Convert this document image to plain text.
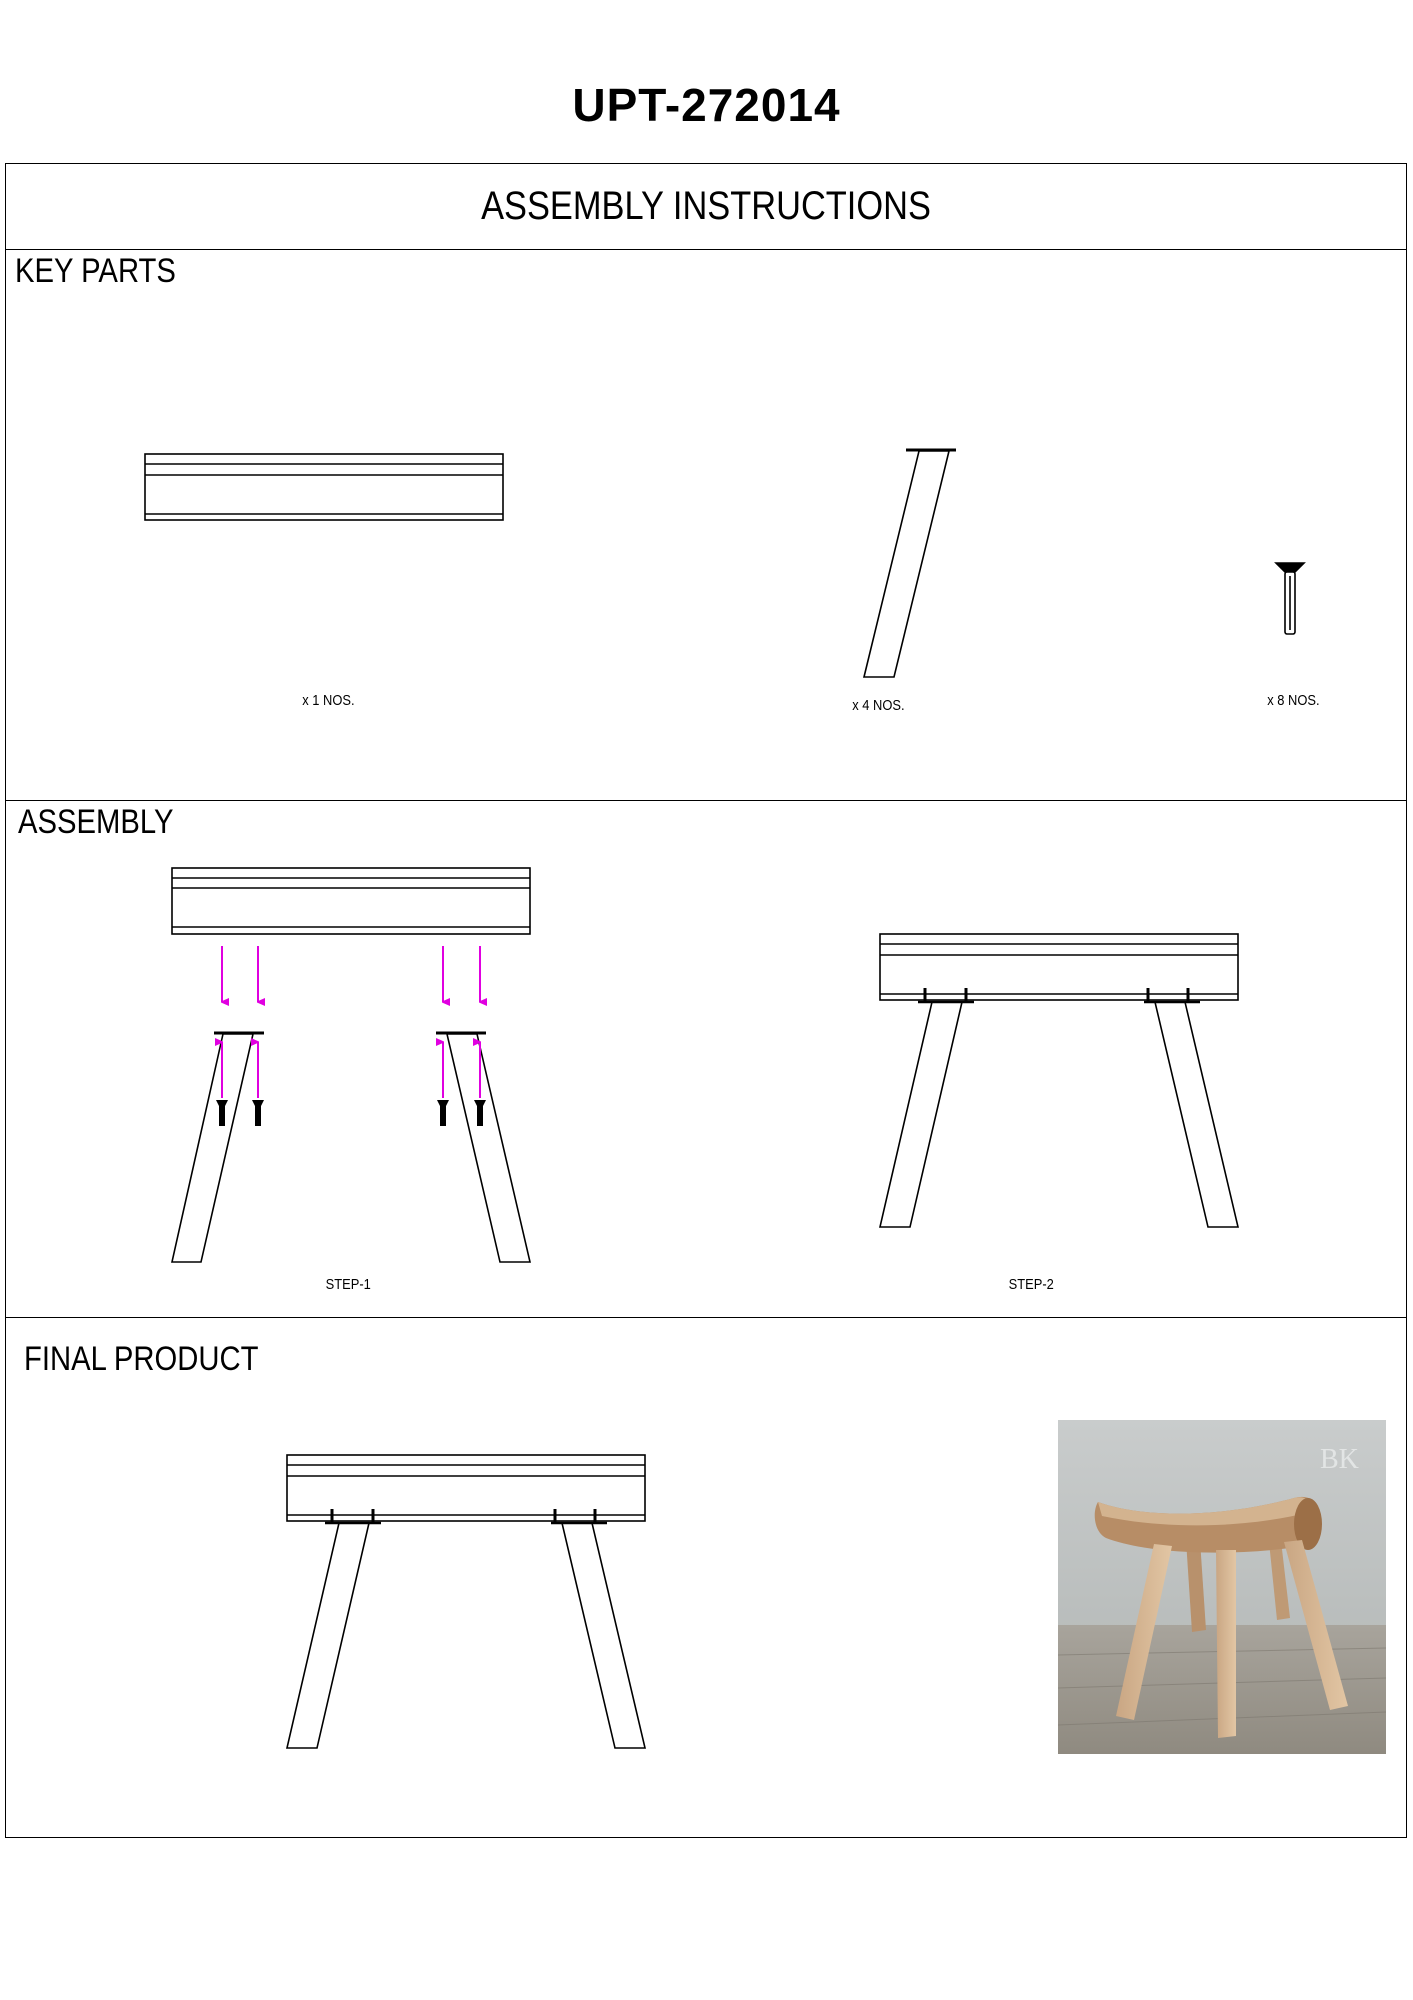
UPT-272014
ASSEMBLY INSTRUCTIONS
KEY PARTS
ASSEMBLY
FINAL PRODUCT
x 1 NOS.	x 4 NOS.	x 8 NOS.
STEP-1	STEP-2
BK
